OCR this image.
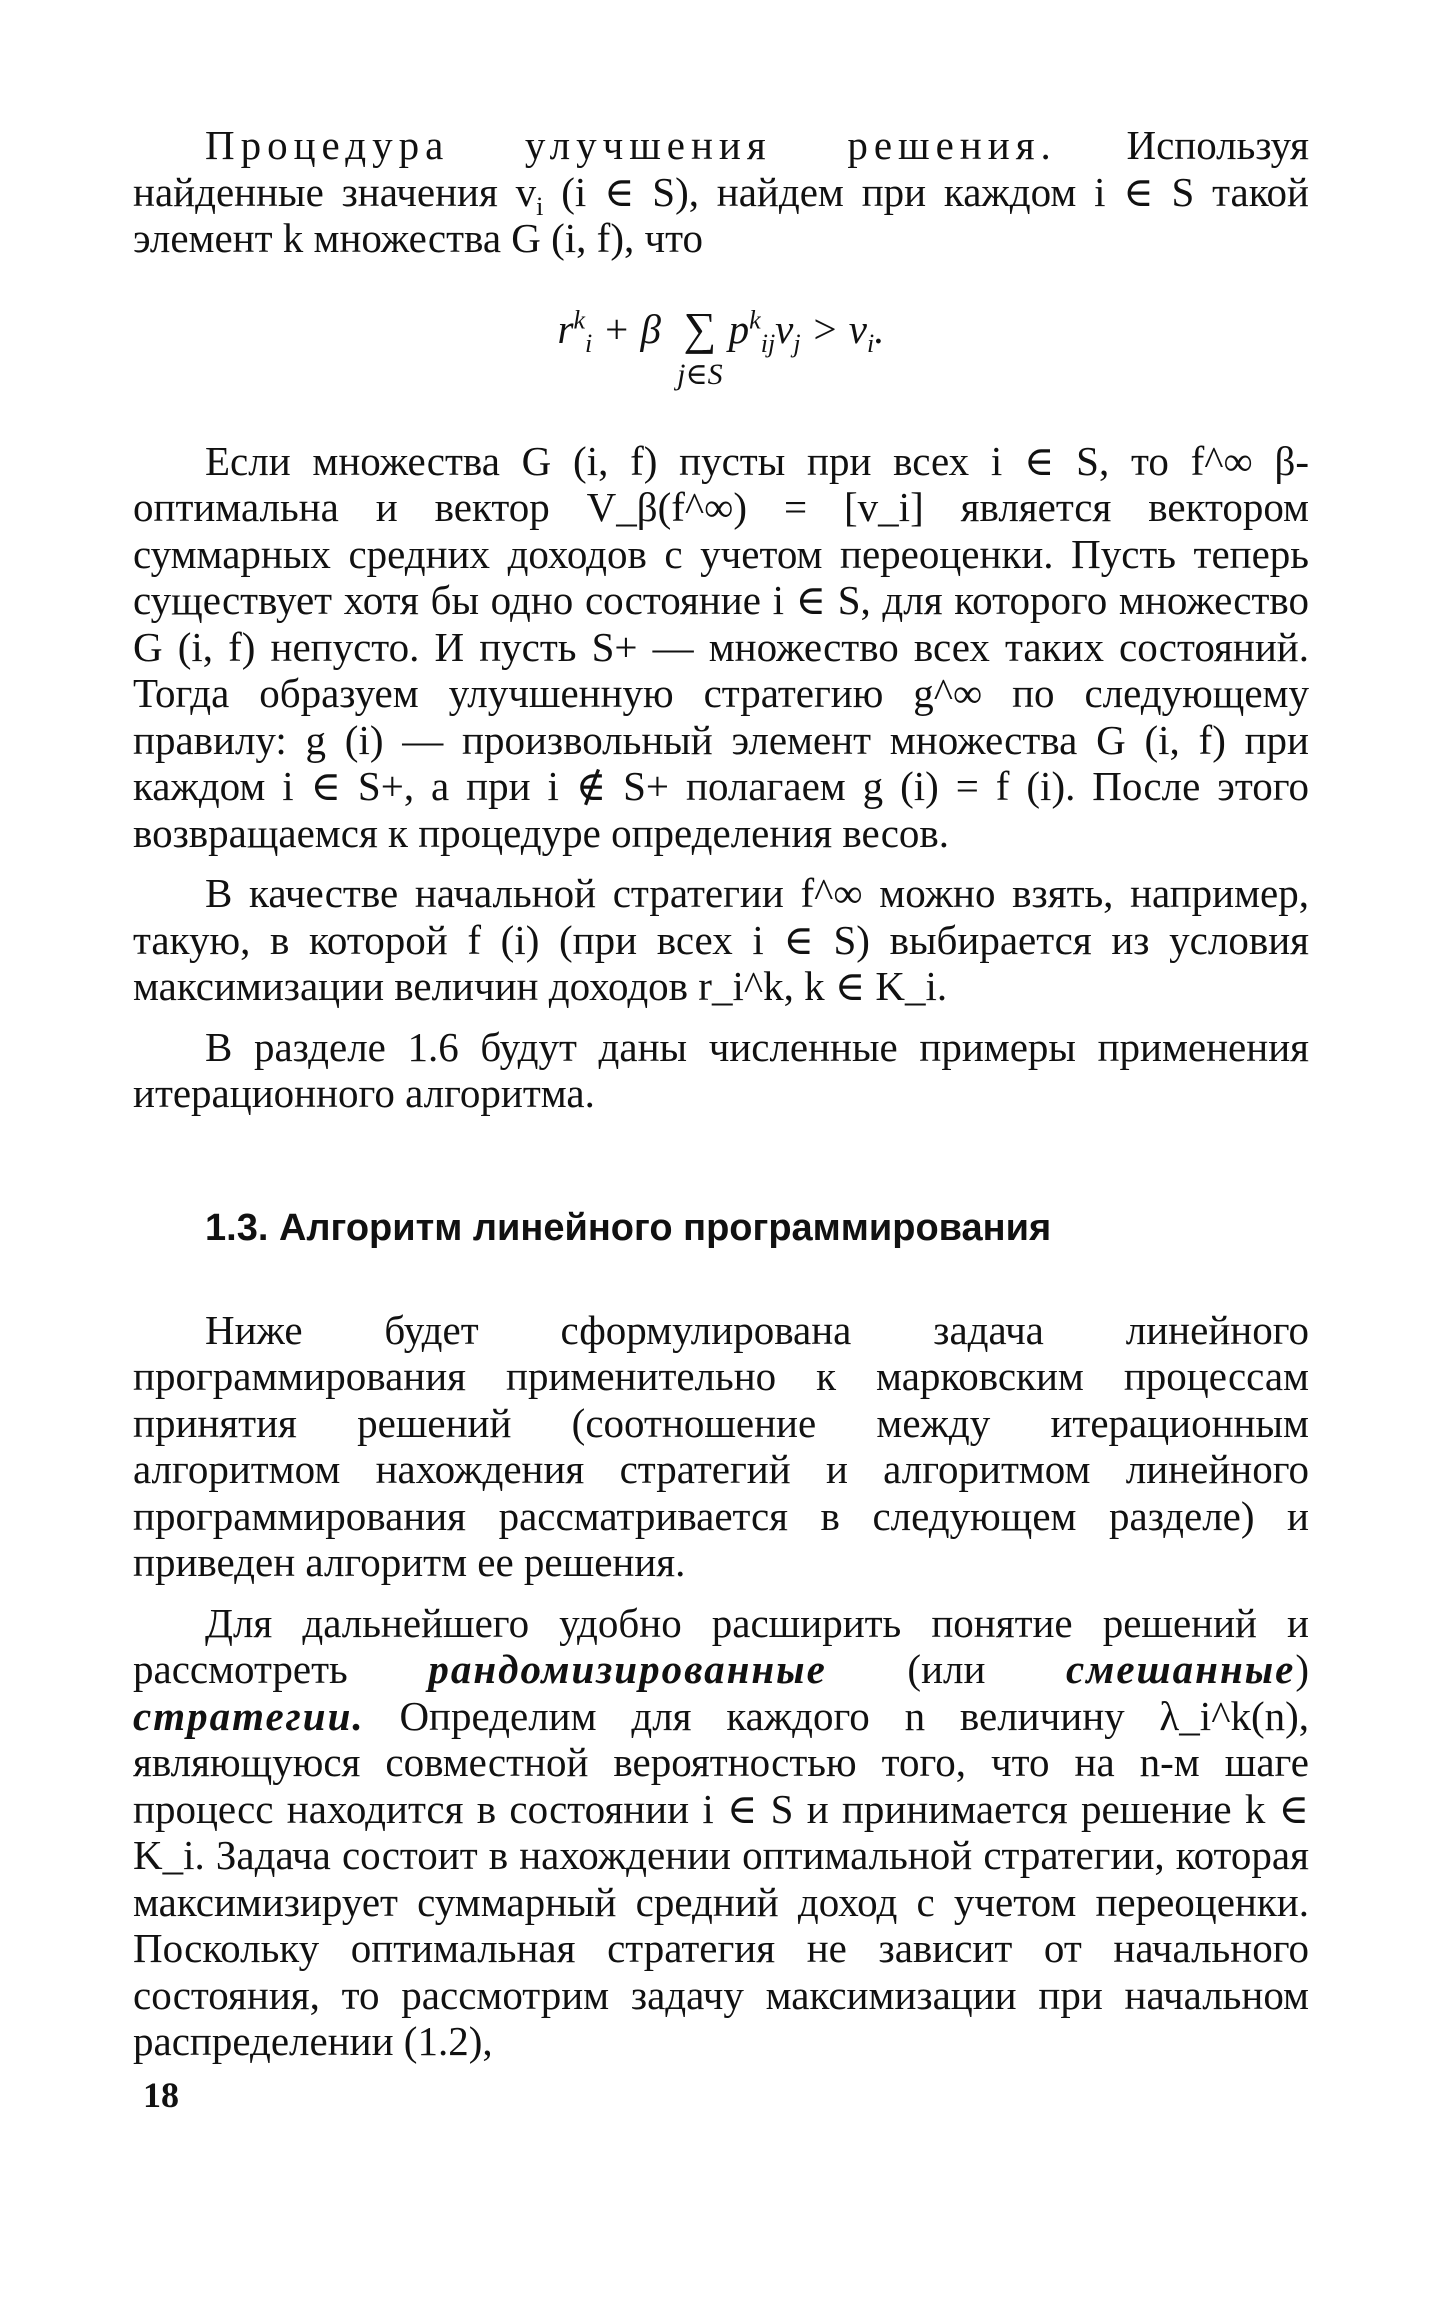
Процедура улучшения решения. Используя найденные значения $v_i$ (i ∈ S), найдем при каждом i ∈ S такой элемент k множества G (i, f), что

$r^k_i + \beta$ ∑
j∈S
$p^k_{ij}v_j > v_i$.

Если множества G (i, f) пусты при всех i ∈ S, то f^∞ β-оптимальна и вектор V_β(f^∞) = [v_i] является вектором суммарных средних доходов с учетом переоценки. Пусть теперь существует хотя бы одно состояние i ∈ S, для которого множество G (i, f) непусто. И пусть S+ — множество всех таких состояний. Тогда образуем улучшенную стратегию g^∞ по следующему правилу: g (i) — произвольный элемент множества G (i, f) при каждом i ∈ S+, а при i ∉ S+ полагаем g (i) = f (i). После этого возвращаемся к процедуре определения весов.

В качестве начальной стратегии f^∞ можно взять, например, такую, в которой f (i) (при всех i ∈ S) выбирается из условия максимизации величин доходов r_i^k, k ∈ K_i.

В разделе 1.6 будут даны численные примеры применения итерационного алгоритма.

1.3. Алгоритм линейного программирования

Ниже будет сформулирована задача линейного программирования применительно к марковским процессам принятия решений (соотношение между итерационным алгоритмом нахождения стратегий и алгоритмом линейного программирования рассматривается в следующем разделе) и приведен алгоритм ее решения.

Для дальнейшего удобно расширить понятие решений и рассмотреть рандомизированные (или смешанные) стратегии. Определим для каждого n величину λ_i^k(n), являющуюся совместной вероятностью того, что на n-м шаге процесс находится в состоянии i ∈ S и принимается решение k ∈ K_i. Задача состоит в нахождении оптимальной стратегии, которая максимизирует суммарный средний доход с учетом переоценки. Поскольку оптимальная стратегия не зависит от начального состояния, то рассмотрим задачу максимизации при начальном распределении (1.2),

18
